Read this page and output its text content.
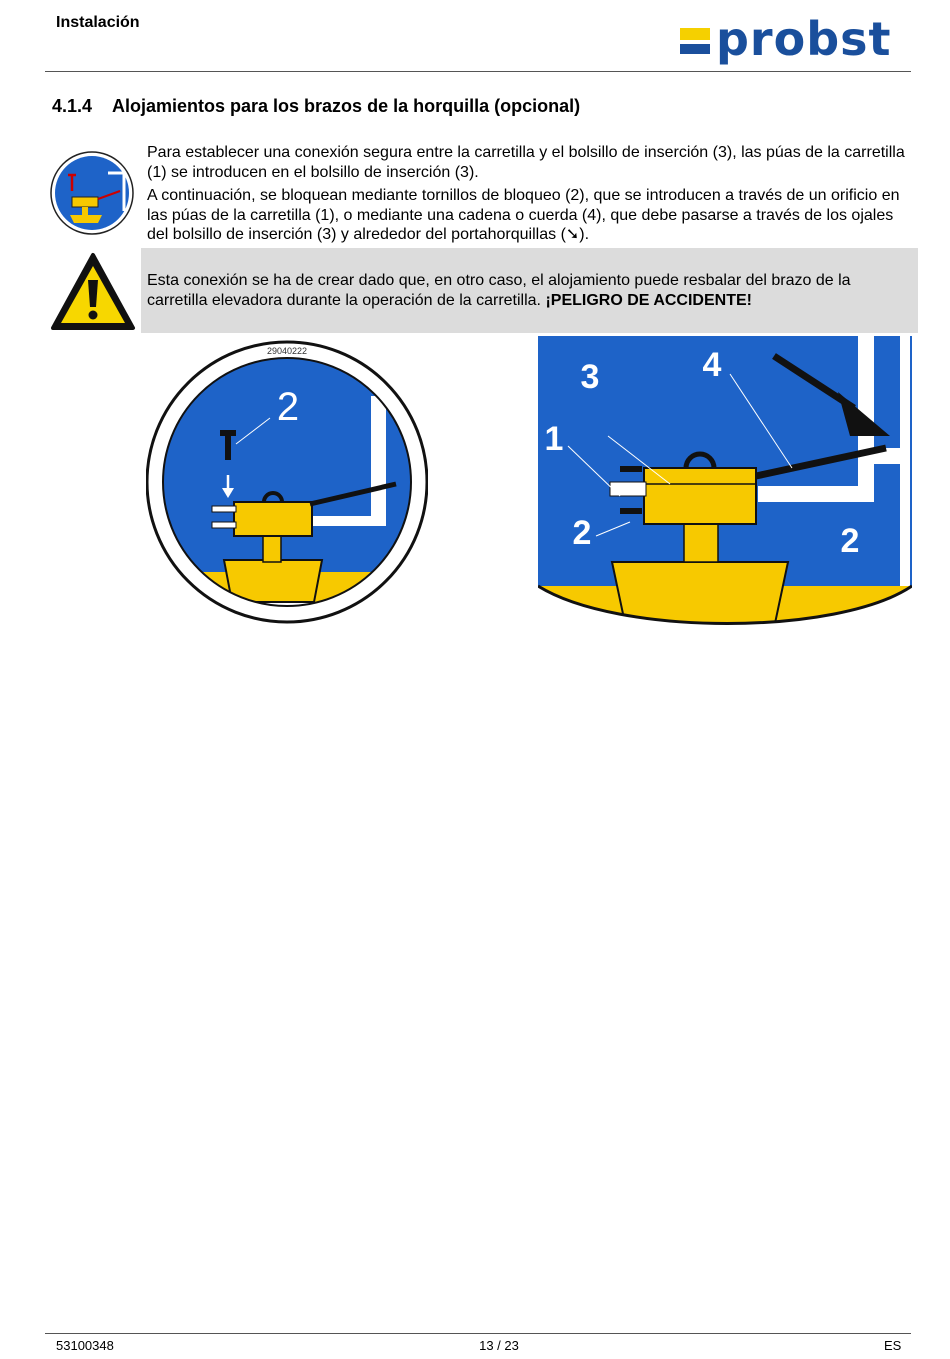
Instalación	probst
4.1.4 Alojamientos para los brazos de la horquilla (opcional)
Para establecer una conexión segura entre la carretilla y el bolsillo de inserción (3), las púas de la carretilla (1) se introducen en el bolsillo de inserción (3).
A continuación, se bloquean mediante tornillos de bloqueo (2), que se introducen a través de un orificio en las púas de la carretilla (1), o mediante una cadena o cuerda (4), que debe pasarse a través de los ojales del bolsillo de inserción (3) y alrededor del portahorquillas (➘).
Esta conexión se ha de crear dado que, en otro caso, el alojamiento puede resbalar del brazo de la carretilla elevadora durante la operación de la carretilla. ¡PELIGRO DE ACCIDENTE!
29040222
2
3	4
1
2	2
53100348	13 / 23	ES
